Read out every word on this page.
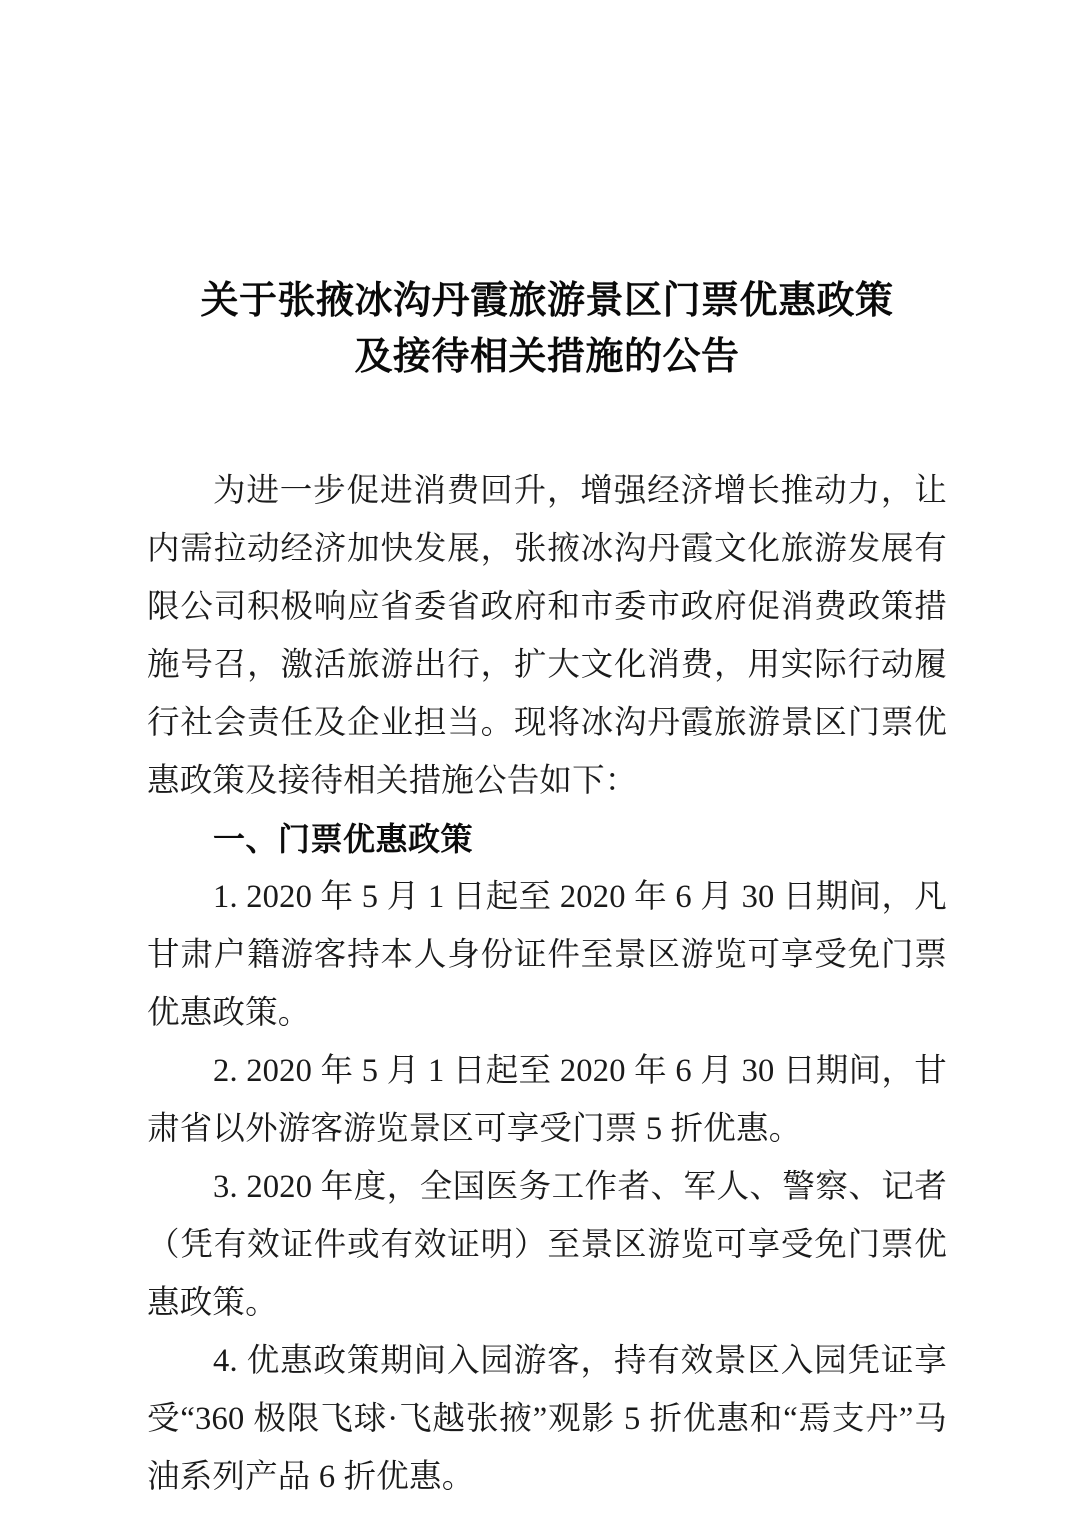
关于张掖冰沟丹霞旅游景区门票优惠政策
及接待相关措施的公告

为进一步促进消费回升，增强经济增长推动力，让内需拉动经济加快发展，张掖冰沟丹霞文化旅游发展有限公司积极响应省委省政府和市委市政府促消费政策措施号召，激活旅游出行，扩大文化消费，用实际行动履行社会责任及企业担当。现将冰沟丹霞旅游景区门票优惠政策及接待相关措施公告如下：

一、门票优惠政策

1. 2020 年 5 月 1 日起至 2020 年 6 月 30 日期间，凡甘肃户籍游客持本人身份证件至景区游览可享受免门票优惠政策。

2. 2020 年 5 月 1 日起至 2020 年 6 月 30 日期间，甘肃省以外游客游览景区可享受门票 5 折优惠。

3. 2020 年度，全国医务工作者、军人、警察、记者（凭有效证件或有效证明）至景区游览可享受免门票优惠政策。

4. 优惠政策期间入园游客，持有效景区入园凭证享受“360 极限飞球·飞越张掖”观影 5 折优惠和“焉支丹”马油系列产品 6 折优惠。
